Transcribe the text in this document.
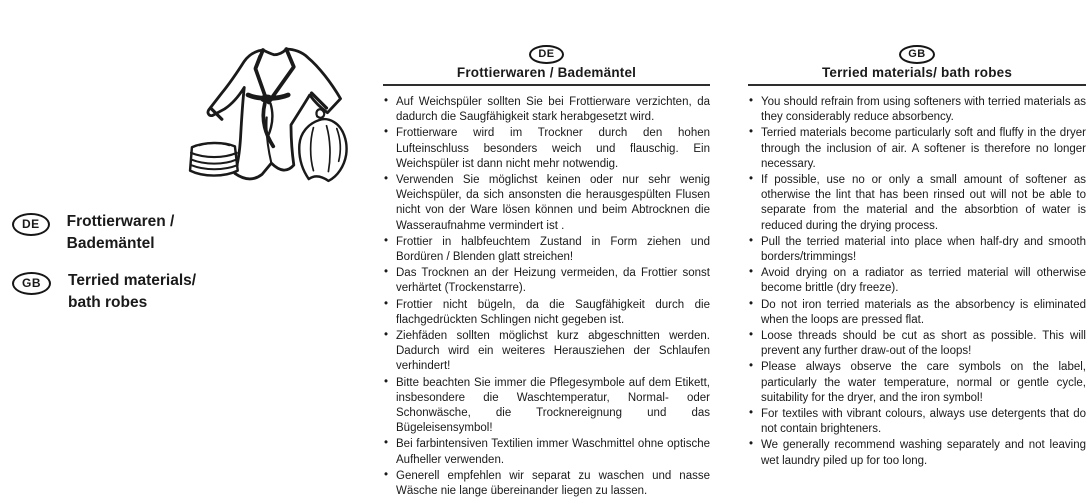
DE	Frottierwaren /
Bademäntel
GB	Terried materials/
bath robes
DE
Frottierwaren / Bademäntel
• Auf Weichspüler sollten Sie bei Frottierware verzichten, da dadurch die Saugfähigkeit stark herabgesetzt wird.
• Frottierware wird im Trockner durch den hohen Lufteinschluss besonders weich und flauschig. Ein Weichspüler ist dann nicht mehr notwendig.
• Verwenden Sie möglichst keinen oder nur sehr wenig Weichspüler, da sich ansonsten die herausgespülten Flusen nicht von der Ware lösen können und beim Abtrocknen die Wasseraufnahme vermindert ist .
• Frottier in halbfeuchtem Zustand in Form ziehen und Bordüren / Blenden glatt streichen!
• Das Trocknen an der Heizung vermeiden, da Frottier sonst verhärtet (Trockenstarre).
• Frottier nicht bügeln, da die Saugfähigkeit durch die flachgedrückten Schlingen nicht gegeben ist.
• Ziehfäden sollten möglichst kurz abgeschnitten werden. Dadurch wird ein weiteres Herausziehen der Schlaufen verhindert!
• Bitte beachten Sie immer die Pflegesymbole auf dem Etikett, insbesondere die Waschtemperatur, Normal- oder Schonwäsche, die Trocknereignung und das Bügeleisensymbol!
• Bei farbintensiven Textilien immer Waschmittel ohne optische Aufheller verwenden.
• Generell empfehlen wir separat zu waschen und nasse Wäsche nie lange übereinander liegen zu lassen.
GB
Terried materials/ bath robes
• You should refrain from using softeners with terried materials as they considerably reduce absorbency.
• Terried materials become particularly soft and fluffy in the dryer through the inclusion of air. A softener is therefore no longer necessary.
• If possible, use no or only a small amount of softener as otherwise the lint that has been rinsed out will not be able to separate from the material and the absorbtion of water is reduced during the drying process.
• Pull the terried material into place when half-dry and smooth borders/trimmings!
• Avoid drying on a radiator as terried material will otherwise become brittle (dry freeze).
• Do not iron terried materials as the absorbency is eliminated when the loops are pressed flat.
• Loose threads should be cut as short as possible. This will prevent any further draw-out of the loops!
• Please always observe the care symbols on the label, particularly the water temperature, normal or gentle cycle, suitability for the dryer, and the iron symbol!
• For textiles with vibrant colours, always use detergents that do not contain brighteners.
• We generally recommend washing separately and not leaving wet laundry piled up for too long.
